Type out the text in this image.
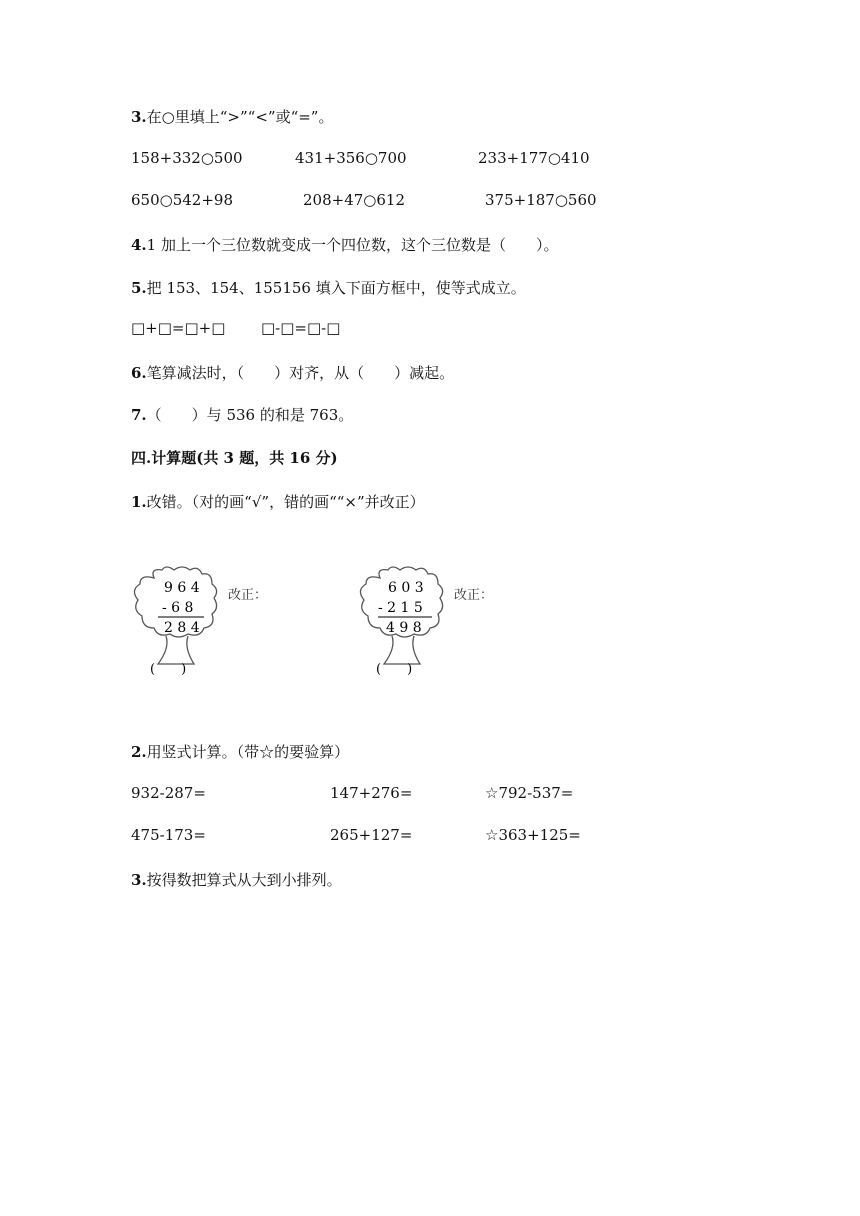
3.在○里填上“>”“<”或“=”。
158+332○500	431+356○700	233+177○410
650○542+98	208+47○612	375+187○560
4.1 加上一个三位数就变成一个四位数，这个三位数是（　　）。
5.把 153、154、155156 填入下面方框中，使等式成立。
□+□=□+□ □-□=□-□
6.笔算减法时，（　　）对齐，从（　　）减起。
7.（　　）与 536 的和是 763。
四.计算题(共 3 题，共 16 分)
1.改错。（对的画“√”，错的画““×”并改正）
9 6 4
- 6 8
2 8 4
(　　)
改正：	6 0 3
- 2 1 5
4 9 8
(　　)
改正：
2.用竖式计算。（带☆的要验算）
932-287=	147+276=	☆792-537=
475-173=	265+127=	☆363+125=
3.按得数把算式从大到小排列。
